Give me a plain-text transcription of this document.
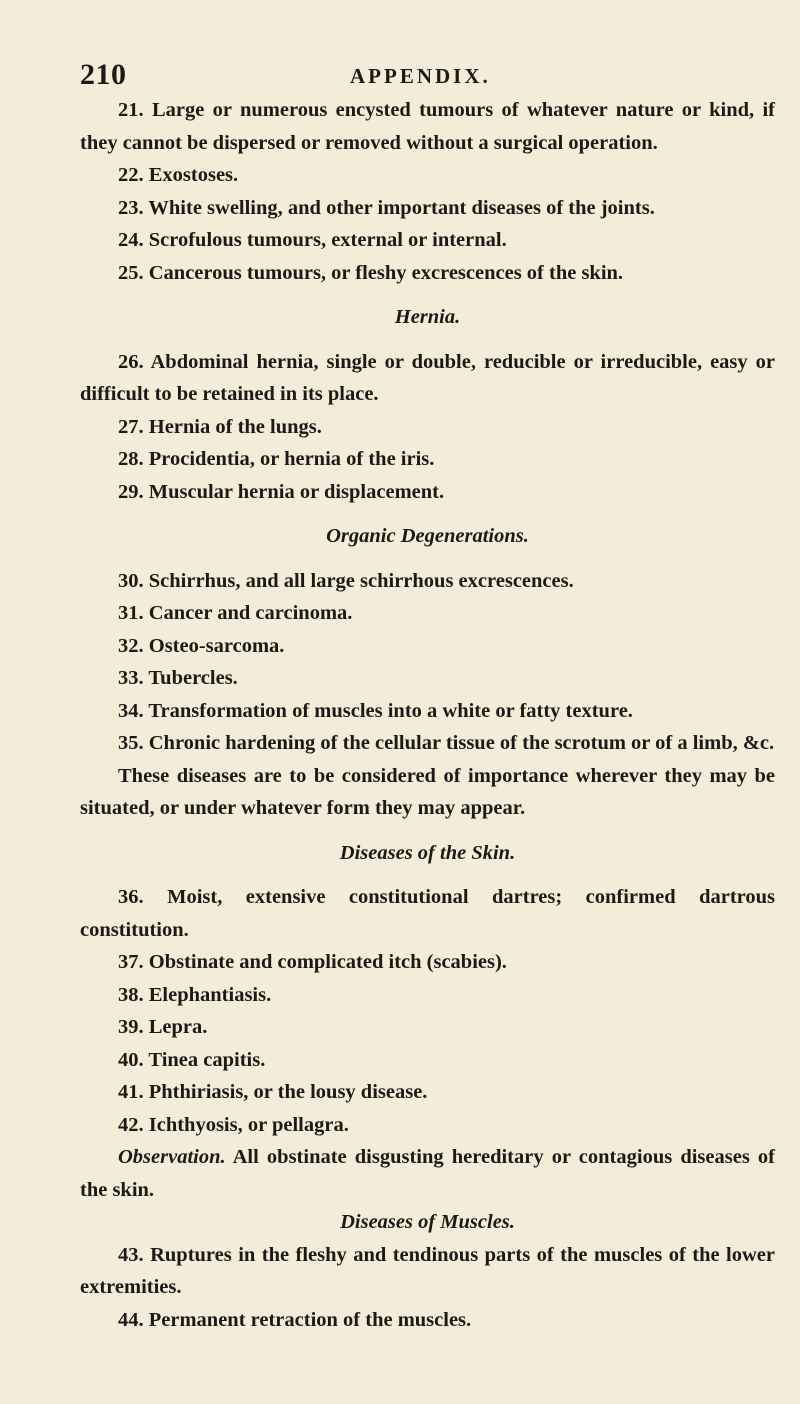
210	APPENDIX.

21. Large or numerous encysted tumours of whatever nature or kind, if they cannot be dispersed or removed without a surgical operation.

22. Exostoses.

23. White swelling, and other important diseases of the joints.

24. Scrofulous tumours, external or internal.

25. Cancerous tumours, or fleshy excrescences of the skin.

Hernia.

26. Abdominal hernia, single or double, reducible or irreducible, easy or difficult to be retained in its place.

27. Hernia of the lungs.

28. Procidentia, or hernia of the iris.

29. Muscular hernia or displacement.

Organic Degenerations.

30. Schirrhus, and all large schirrhous excrescences.

31. Cancer and carcinoma.

32. Osteo-sarcoma.

33. Tubercles.

34. Transformation of muscles into a white or fatty texture.

35. Chronic hardening of the cellular tissue of the scrotum or of a limb, &c.

These diseases are to be considered of importance wherever they may be situated, or under whatever form they may appear.

Diseases of the Skin.

36. Moist, extensive constitutional dartres; confirmed dartrous constitution.

37. Obstinate and complicated itch (scabies).

38. Elephantiasis.

39. Lepra.

40. Tinea capitis.

41. Phthiriasis, or the lousy disease.

42. Ichthyosis, or pellagra.

Observation. All obstinate disgusting hereditary or contagious diseases of the skin.

Diseases of Muscles.

43. Ruptures in the fleshy and tendinous parts of the muscles of the lower extremities.

44. Permanent retraction of the muscles.
